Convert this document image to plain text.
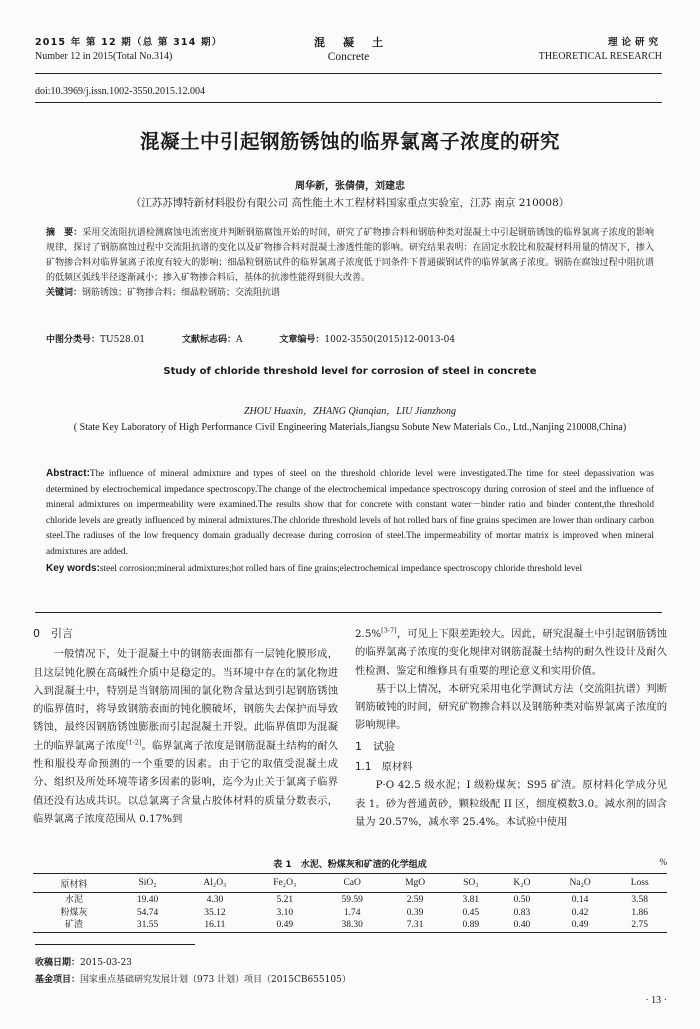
2015 年 第 12 期（总 第 314 期）
Number 12 in 2015(Total No.314)
混凝土
Concrete
理论研究
THEORETICAL RESEARCH
doi:10.3969/j.issn.1002-3550.2015.12.004
混凝土中引起钢筋锈蚀的临界氯离子浓度的研究
周华新，张倩倩，刘建忠
（江苏苏博特新材料股份有限公司 高性能土木工程材料国家重点实验室，江苏 南京 210008）
摘　要：采用交流阻抗谱检测腐蚀电流密度并判断钢筋腐蚀开始的时间，研究了矿物掺合料和钢筋种类对混凝土中引起钢筋锈蚀的临界氯离子浓度的影响规律，探讨了钢筋腐蚀过程中交流阻抗谱的变化以及矿物掺合料对混凝土渗透性能的影响。研究结果表明：在固定水胶比和胶凝材料用量的情况下，掺入矿物掺合料对临界氯离子浓度有较大的影响；细晶粒钢筋试件的临界氯离子浓度低于同条件下普通碳钢试件的临界氯离子浓度。钢筋在腐蚀过程中阻抗谱的低频区弧线半径逐渐减小；掺入矿物掺合料后，基体的抗渗性能得到很大改善。
关键词：钢筋锈蚀；矿物掺合料；细晶粒钢筋；交流阻抗谱
中图分类号：TU528.01	文献标志码：A	文章编号：1002-3550(2015)12-0013-04
Study of chloride threshold level for corrosion of steel in concrete
ZHOU Huaxin，ZHANG Qianqian，LIU Jianzhong
( State Key Laboratory of High Performance Civil Engineering Materials,Jiangsu Sobute New Materials Co., Ltd.,Nanjing 210008,China)
Abstract:The influence of mineral admixture and types of steel on the threshold chloride level were investigated.The time for steel depassivation was determined by electrochemical impedance spectroscopy.The change of the electrochemical impedance spectroscopy during corrosion of steel and the influence of mineral admixtures on impermeability were examined.The results show that for concrete with constant water－binder ratio and binder content,the threshold chloride levels are greatly influenced by mineral admixtures.The chloride threshold levels of hot rolled bars of fine grains specimen are lower than ordinary carbon steel.The radiuses of the low frequency domain gradually decrease during corrosion of steel.The impermeability of mortar matrix is improved when mineral admixtures are added.
Key words:steel corrosion;mineral admixtures;hot rolled bars of fine grains;electrochemical impedance spectroscopy chloride threshold level
0　引言
一般情况下，处于混凝土中的钢筋表面都有一层钝化膜形成，且这层钝化膜在高碱性介质中是稳定的。当环境中存在的氯化物进入到混凝土中，特别是当钢筋周围的氯化物含量达到引起钢筋锈蚀的临界值时，将导致钢筋表面的钝化膜破坏，钢筋失去保护而导致锈蚀，最终因钢筋锈蚀膨胀而引起混凝土开裂。此临界值即为混凝土的临界氯离子浓度[1-2]。临界氯离子浓度是钢筋混凝土结构的耐久性和服役寿命预测的一个重要的因素。由于它的取值受混凝土成分、组织及所处环境等诸多因素的影响，迄今为止关于氯离子临界值还没有达成共识。以总氯离子含量占胶体材料的质量分数表示，临界氯离子浓度范围从 0.17%到
2.5%[3-7]，可见上下限差距较大。因此，研究混凝土中引起钢筋锈蚀的临界氯离子浓度的变化规律对钢筋混凝土结构的耐久性设计及耐久性检测、鉴定和维修具有重要的理论意义和实用价值。
基于以上情况，本研究采用电化学测试方法（交流阻抗谱）判断钢筋破钝的时间，研究矿物掺合料以及钢筋种类对临界氯离子浓度的影响规律。
1　试验
1.1　原材料
P·O 42.5 级水泥；I 级粉煤灰；S95 矿渣。原材料化学成分见表 1。砂为普通黄砂，颗粒级配 II 区，细度模数3.0。减水剂的固含量为 20.57%，减水率 25.4%。本试验中使用
表 1　水泥、粉煤灰和矿渣的化学组成	%
原材料	SiO₂	Al₂O₃	Fe₂O₃	CaO	MgO	SO₃	K₂O	Na₂O	Loss
水泥	19.40	4.30	5.21	59.59	2.59	3.81	0.50	0.14	3.58
粉煤灰	54.74	35.12	3.10	1.74	0.39	0.45	0.83	0.42	1.86
矿渣	31.55	16.11	0.49	38.30	7.31	0.89	0.40	0.49	2.75
收稿日期：2015-03-23
基金项目：国家重点基础研究发展计划（973 计划）项目（2015CB655105）
· 13 ·
